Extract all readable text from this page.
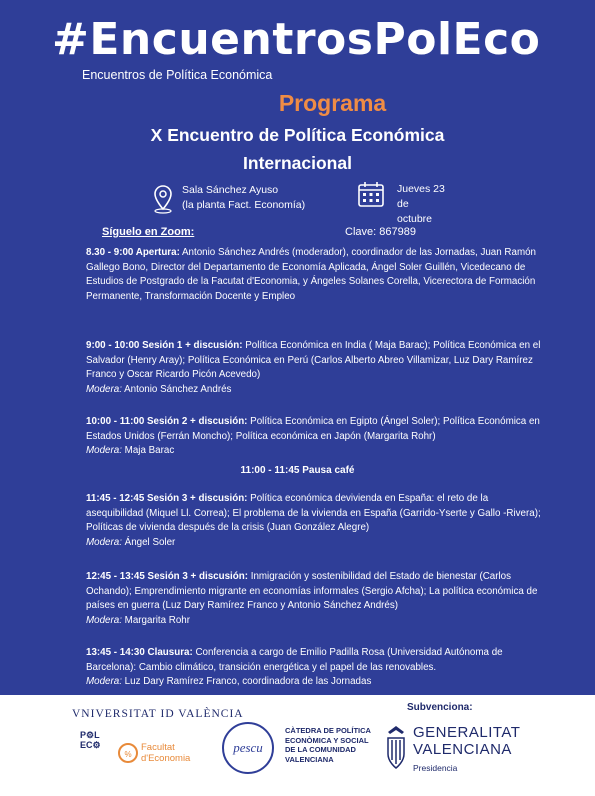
#EncuentrosPolEco
Encuentros de Política Económica
Programa
X Encuentro de Política Económica
Internacional
Sala Sánchez Ayuso
(la planta Fact. Economía)
Jueves 23 de
octubre
Síguelo en Zoom:	Clave: 867989
8.30 - 9:00 Apertura: Antonio Sánchez Andrés (moderador), coordinador de las Jornadas, Juan Ramón Gallego Bono, Director del Departamento de Economía Aplicada, Ángel Soler Guillén, Vicedecano de Estudios de Postgrado de la Facutat d'Economia, y Ángeles Solanes Corella, Vicerectora de Formación Permanente, Transformación Docente y Empleo
9:00 - 10:00 Sesión 1 + discusión: Política Económica en India ( Maja Barac); Política Económica en el Salvador (Henry Aray); Política Económica en Perú (Carlos Alberto Abreo Villamizar, Luz Dary Ramírez Franco y Oscar Ricardo Picón Acevedo)
Modera: Antonio Sánchez Andrés
10:00 - 11:00 Sesión 2 + discusión: Política Económica en Egipto (Ángel Soler); Política Económica en Estados Unidos (Ferrán Moncho); Política económica en Japón (Margarita Rohr)
Modera: Maja Barac
11:00 - 11:45 Pausa café
11:45 - 12:45 Sesión 3 + discusión: Política económica devivienda en España: el reto de la asequibilidad (Miquel Ll. Correa); El problema de la vivienda en España (Garrido-Yserte y Gallo -Rivera); Políticas de vivienda después de la crisis (Juan González Alegre)
Modera: Ángel Soler
12:45 - 13:45 Sesión 3 + discusión: Inmigración y sostenibilidad del Estado de bienestar (Carlos Ochando); Emprendimiento migrante en economías informales (Sergio Afcha); La política económica de países en guerra (Luz Dary Ramírez Franco y Antonio Sánchez Andrés)
Modera: Margarita Rohr
13:45 - 14:30 Clausura: Conferencia a cargo de Emilio Padilla Rosa (Universidad Autónoma de Barcelona): Cambio climático, transición energética y el papel de las renovables.
Modera: Luz Dary Ramírez Franco, coordinadora de las Jornadas
VNIVERSITAT ID VALÈNCIA
P⚙L
EC⚙
%
Facultat
d'Economia
pescu
CÀTEDRA DE POLÍTICA
ECONÒMICA Y SOCIAL
DE LA COMUNIDAD
VALENCIANA
Subvenciona:
GENERALITAT
VALENCIANA
Presidencia
